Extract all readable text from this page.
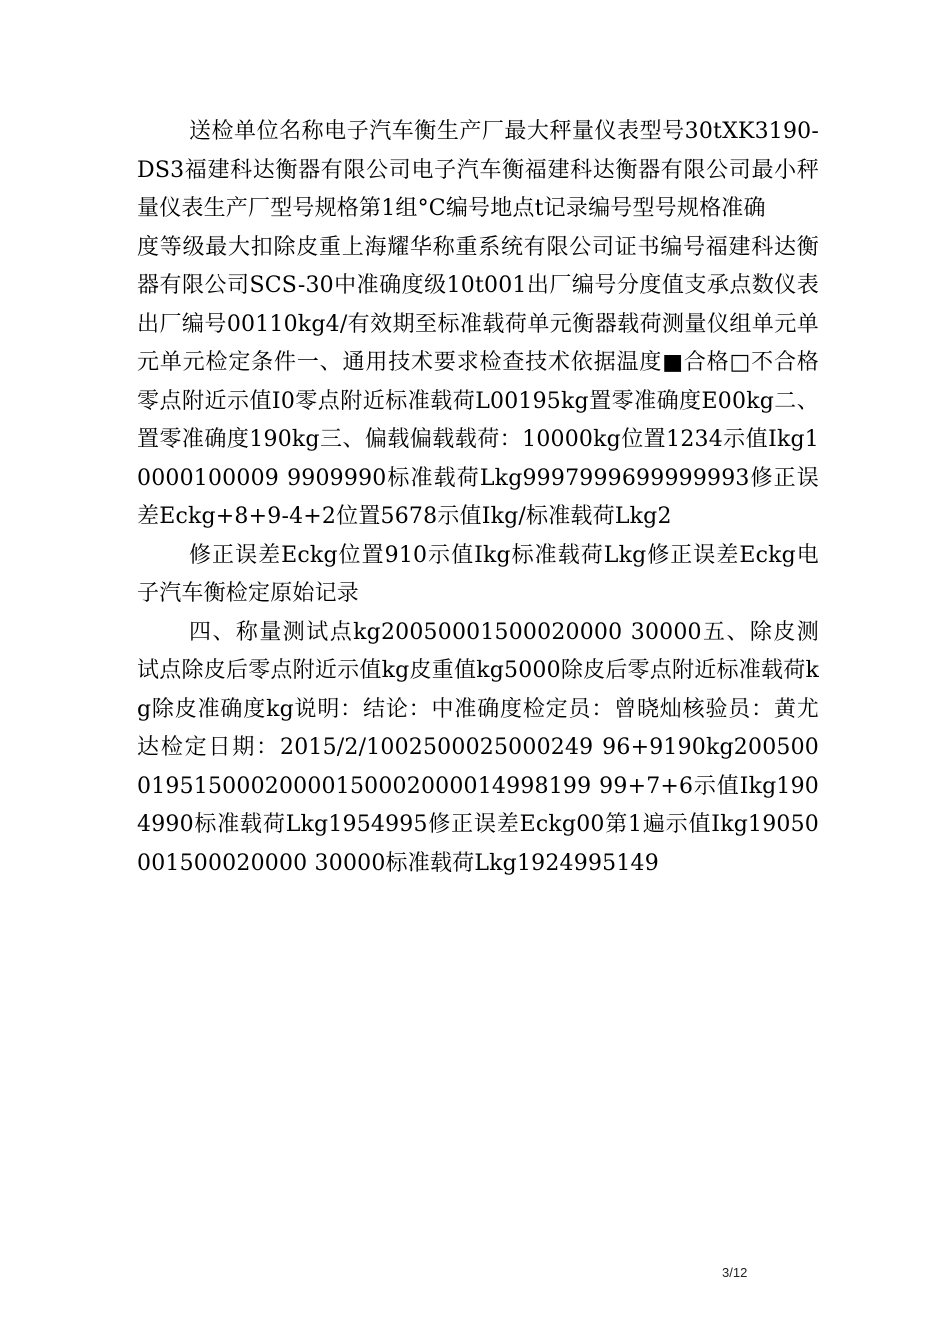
送检单位名称电子汽车衡生产厂最大秤量仪表型号30tXK3190-DS3福建科达衡器有限公司电子汽车衡福建科达衡器有限公司最小秤量仪表生产厂型号规格第1组°C编号地点t记录编号型号规格准确

度等级最大扣除皮重上海耀华称重系统有限公司证书编号福建科达衡器有限公司SCS-30中准确度级10t001出厂编号分度值支承点数仪表出厂编号00110kg4/有效期至标准载荷单元衡器载荷测量仪组单元单元单元检定条件一、通用技术要求检查技术依据温度■合格□不合格零点附近示值I0零点附近标准载荷L00195kg置零准确度E00kg二、置零准确度190kg三、偏载偏载载荷：10000kg位置1234示值Ikg10000100009 9909990标准载荷Lkg9997999699999993修正误差Eckg+8+9-4+2位置5678示值Ikg/标准载荷Lkg2

修正误差Eckg位置910示值Ikg标准载荷Lkg修正误差Eckg电子汽车衡检定原始记录

四、称量测试点kg20050001500020000 30000五、除皮测试点除皮后零点附近示值kg皮重值kg5000除皮后零点附近标准载荷kg除皮准确度kg说明：结论：中准确度检定员：曾晓灿核验员：黄尤达检定日期：2015/2/1002500025000249 96+9190kg20050001951500020000150002000014998199 99+7+6示值Ikg1904990标准载荷Lkg1954995修正误差Eckg00第1遍示值Ikg19050001500020000 30000标准载荷Lkg1924995149

3/12
